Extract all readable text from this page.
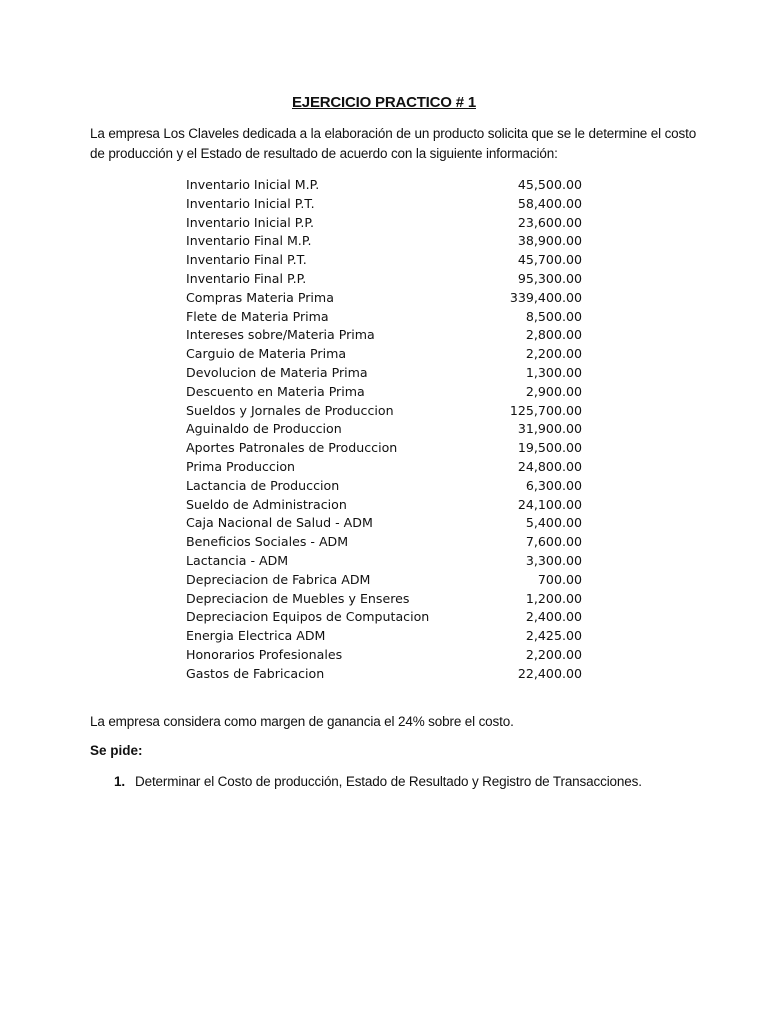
EJERCICIO PRACTICO # 1
La empresa Los Claveles dedicada a la elaboración de un producto solicita que se le determine el costo de producción y el Estado de resultado de acuerdo con la siguiente información:
Inventario Inicial M.P.	45,500.00
Inventario Inicial P.T.	58,400.00
Inventario Inicial P.P.	23,600.00
Inventario Final M.P.	38,900.00
Inventario Final P.T.	45,700.00
Inventario Final P.P.	95,300.00
Compras Materia Prima	339,400.00
Flete de Materia Prima	8,500.00
Intereses sobre/Materia Prima	2,800.00
Carguio de Materia Prima	2,200.00
Devolucion de Materia Prima	1,300.00
Descuento en Materia Prima	2,900.00
Sueldos y Jornales de Produccion	125,700.00
Aguinaldo de Produccion	31,900.00
Aportes Patronales de Produccion	19,500.00
Prima Produccion	24,800.00
Lactancia de Produccion	6,300.00
Sueldo de Administracion	24,100.00
Caja Nacional de Salud - ADM	5,400.00
Beneficios Sociales - ADM	7,600.00
Lactancia - ADM	3,300.00
Depreciacion de Fabrica ADM	700.00
Depreciacion de Muebles y Enseres	1,200.00
Depreciacion Equipos de Computacion	2,400.00
Energia Electrica ADM	2,425.00
Honorarios Profesionales	2,200.00
Gastos de Fabricacion	22,400.00
La empresa considera como margen de ganancia el 24% sobre el costo.
Se pide:
1. Determinar el Costo de producción, Estado de Resultado y Registro de Transacciones.
